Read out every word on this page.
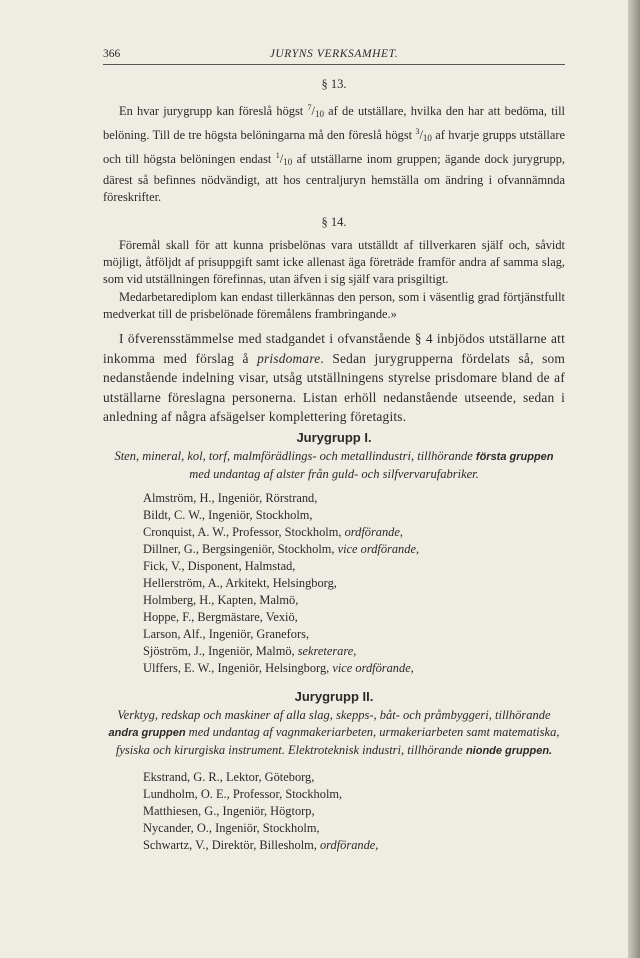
366	JURYNS VERKSAMHET.

§ 13.

En hvar jurygrupp kan föreslå högst $^7/_{10}$ af de utställare, hvilka den har att bedöma, till belöning. Till de tre högsta belöningarna må den föreslå högst $^3/_{10}$ af hvarje grupps utställare och till högsta belöningen endast $^1/_{10}$ af utställarne inom gruppen; ägande dock jurygrupp, därest så befinnes nödvändigt, att hos centraljuryn hemställa om ändring i ofvannämnda föreskrifter.

§ 14.

Föremål skall för att kunna prisbelönas vara utställdt af tillverkaren själf och, såvidt möjligt, åtföljdt af prisuppgift samt icke allenast äga företräde framför andra af samma slag, som vid utställningen förefinnas, utan äfven i sig själf vara prisgiltigt.

Medarbetarediplom kan endast tillerkännas den person, som i väsentlig grad förtjänstfullt medverkat till de prisbelönade föremålens frambringande.»

I öfverensstämmelse med stadgandet i ofvanstående § 4 inbjödos utställarne att inkomma med förslag å prisdomare. Sedan jurygrupperna fördelats så, som nedanstående indelning visar, utsåg utställningens styrelse prisdomare bland de af utställarne föreslagna personerna. Listan erhöll nedanstående utseende, sedan i anledning af några afsägelser komplettering företagits.

Jurygrupp I.

Sten, mineral, kol, torf, malmförädlings- och metallindustri, tillhörande första gruppen med undantag af alster från guld- och silfvervarufabriker.

Almström, H., Ingeniör, Rörstrand,
Bildt, C. W., Ingeniör, Stockholm,
Cronquist, A. W., Professor, Stockholm, ordförande,
Dillner, G., Bergsingeniör, Stockholm, vice ordförande,
Fick, V., Disponent, Halmstad,
Hellerström, A., Arkitekt, Helsingborg,
Holmberg, H., Kapten, Malmö,
Hoppe, F., Bergmästare, Vexiö,
Larson, Alf., Ingeniör, Granefors,
Sjöström, J., Ingeniör, Malmö, sekreterare,
Ulffers, E. W., Ingeniör, Helsingborg, vice ordförande,

Jurygrupp II.

Verktyg, redskap och maskiner af alla slag, skepps-, båt- och pråmbyggeri, tillhörande andra gruppen med undantag af vagnmakeriarbeten, urmakeriarbeten samt matematiska, fysiska och kirurgiska instrument. Elektroteknisk industri, tillhörande nionde gruppen.

Ekstrand, G. R., Lektor, Göteborg,
Lundholm, O. E., Professor, Stockholm,
Matthiesen, G., Ingeniör, Högtorp,
Nycander, O., Ingeniör, Stockholm,
Schwartz, V., Direktör, Billesholm, ordförande,
